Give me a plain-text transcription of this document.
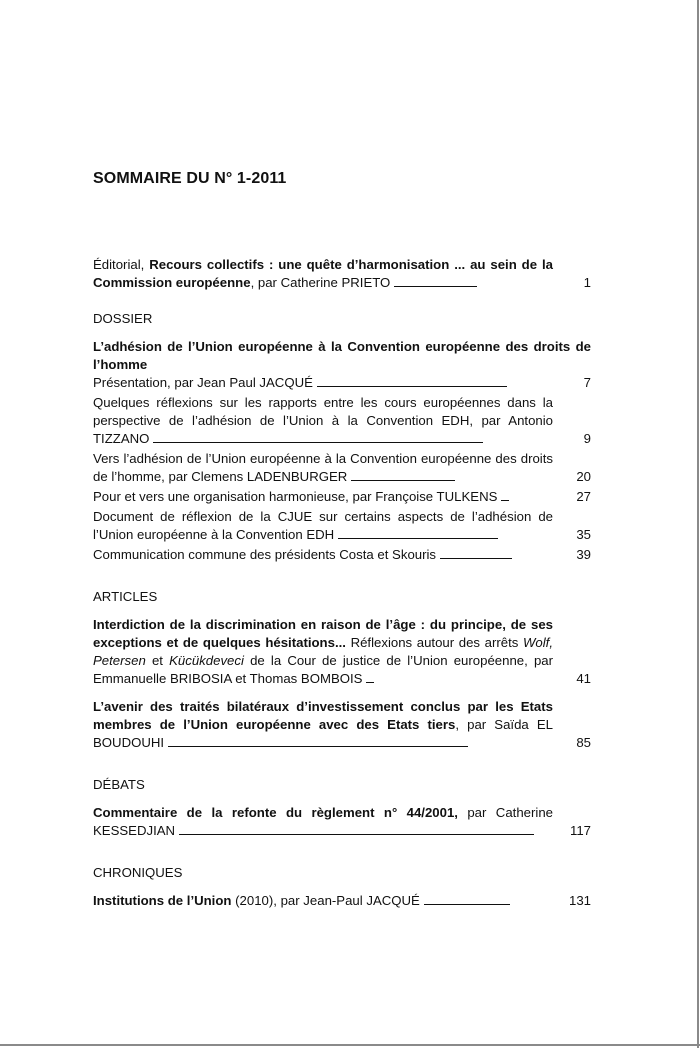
SOMMAIRE DU N° 1-2011
Éditorial, Recours collectifs : une quête d’harmonisation ... au sein de la Commission européenne, par Catherine PRIETO	1
DOSSIER
L’adhésion de l’Union européenne à la Convention européenne des droits de l’homme
Présentation, par Jean Paul JACQUÉ	7
Quelques réflexions sur les rapports entre les cours européennes dans la perspective de l’adhésion de l’Union à la Convention EDH, par Antonio TIZZANO	9
Vers l’adhésion de l’Union européenne à la Convention européenne des droits de l’homme, par Clemens LADENBURGER	20
Pour et vers une organisation harmonieuse, par Françoise TULKENS	27
Document de réflexion de la CJUE sur certains aspects de l’adhésion de l’Union européenne à la Convention EDH	35
Communication commune des présidents Costa et Skouris	39
ARTICLES
Interdiction de la discrimination en raison de l’âge : du principe, de ses exceptions et de quelques hésitations... Réflexions autour des arrêts Wolf, Petersen et Kücükdeveci de la Cour de justice de l’Union européenne, par Emmanuelle BRIBOSIA et Thomas BOMBOIS	41
L’avenir des traités bilatéraux d’investissement conclus par les Etats membres de l’Union européenne avec des Etats tiers, par Saïda EL BOUDOUHI	85
DÉBATS
Commentaire de la refonte du règlement n° 44/2001, par Catherine KESSEDJIAN	117
CHRONIQUES
Institutions de l’Union (2010), par Jean-Paul JACQUÉ	131
